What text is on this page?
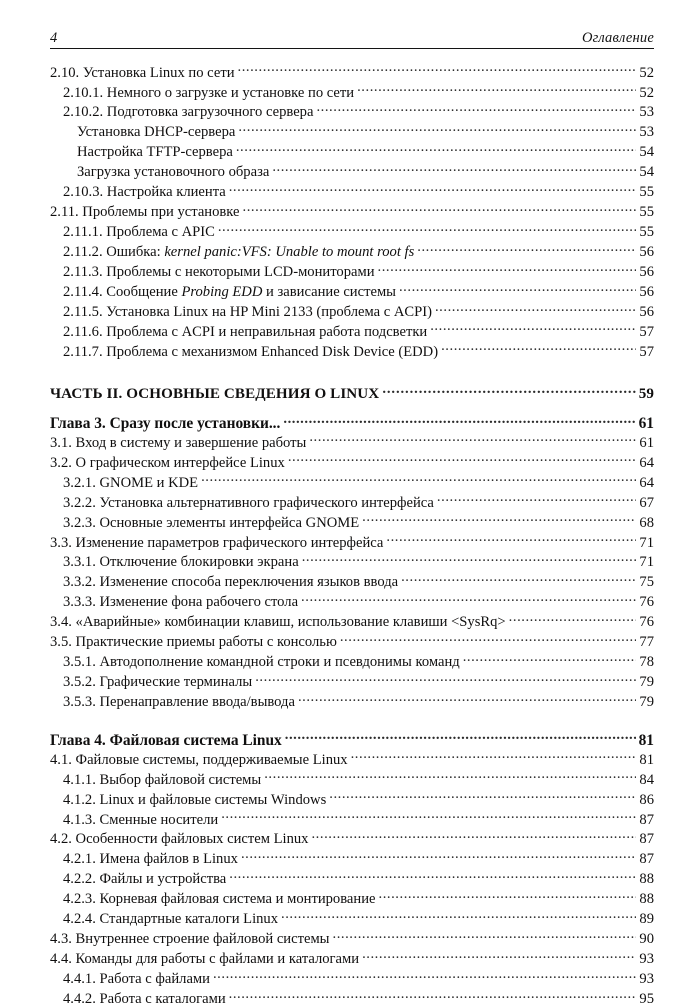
4	Оглавление
2.10. Установка Linux по сети .....	52
2.10.1. Немного о загрузке и установке по сети .....	52
2.10.2. Подготовка загрузочного сервера .....	53
Установка DHCP-сервера .....	53
Настройка TFTP-сервера .....	54
Загрузка установочного образа .....	54
2.10.3. Настройка клиента .....	55
2.11. Проблемы при установке .....	55
2.11.1. Проблема с APIC .....	55
2.11.2. Ошибка: kernel panic:VFS: Unable to mount root fs .....	56
2.11.3. Проблемы с некоторыми LCD-мониторами .....	56
2.11.4. Сообщение Probing EDD и зависание системы .....	56
2.11.5. Установка Linux на HP Mini 2133 (проблема с ACPI) .....	56
2.11.6. Проблема с ACPI и неправильная работа подсветки .....	57
2.11.7. Проблема с механизмом Enhanced Disk Device (EDD) .....	57
ЧАСТЬ II. ОСНОВНЫЕ СВЕДЕНИЯ О LINUX .....	59
Глава 3. Сразу после установки... .....	61
3.1. Вход в систему и завершение работы .....	61
3.2. О графическом интерфейсе Linux .....	64
3.2.1. GNOME и KDE .....	64
3.2.2. Установка альтернативного графического интерфейса .....	67
3.2.3. Основные элементы интерфейса GNOME .....	68
3.3. Изменение параметров графического интерфейса .....	71
3.3.1. Отключение блокировки экрана .....	71
3.3.2. Изменение способа переключения языков ввода .....	75
3.3.3. Изменение фона рабочего стола .....	76
3.4. «Аварийные» комбинации клавиш, использование клавиши <SysRq> .....	76
3.5. Практические приемы работы с консолью .....	77
3.5.1. Автодополнение командной строки и псевдонимы команд .....	78
3.5.2. Графические терминалы .....	79
3.5.3. Перенаправление ввода/вывода .....	79
Глава 4. Файловая система Linux .....	81
4.1. Файловые системы, поддерживаемые Linux .....	81
4.1.1. Выбор файловой системы .....	84
4.1.2. Linux и файловые системы Windows .....	86
4.1.3. Сменные носители .....	87
4.2. Особенности файловых систем Linux .....	87
4.2.1. Имена файлов в Linux .....	87
4.2.2. Файлы и устройства .....	88
4.2.3. Корневая файловая система и монтирование .....	88
4.2.4. Стандартные каталоги Linux .....	89
4.3. Внутреннее строение файловой системы .....	90
4.4. Команды для работы с файлами и каталогами .....	93
4.4.1. Работа с файлами .....	93
4.4.2. Работа с каталогами .....	95
